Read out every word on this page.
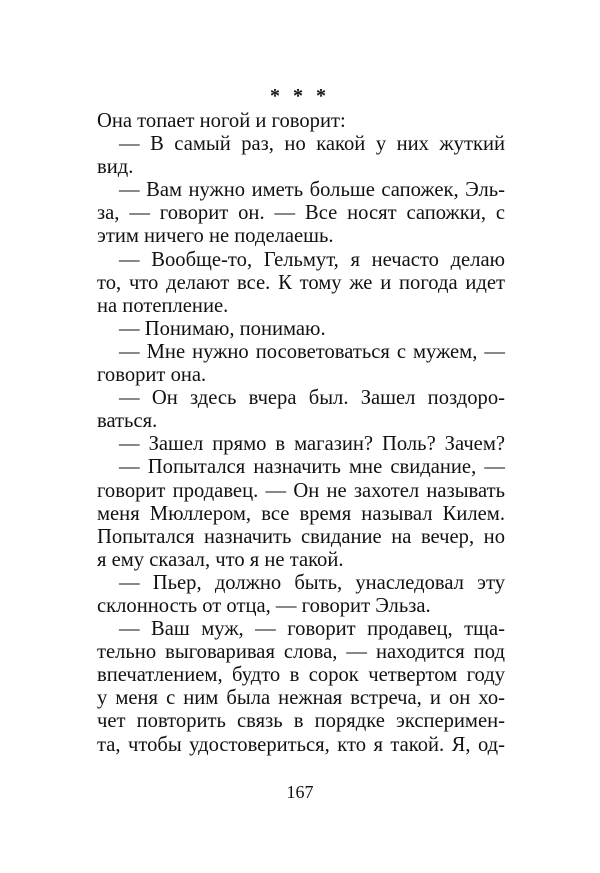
* * *
Она топает ногой и говорит:
— В самый раз, но какой у них жуткий
вид.
— Вам нужно иметь больше сапожек, Эль-
за, — говорит он. — Все носят сапожки, с
этим ничего не поделаешь.
— Вообще-то, Гельмут, я нечасто делаю
то, что делают все. К тому же и погода идет
на потепление.
— Понимаю, понимаю.
— Мне нужно посоветоваться с мужем, —
говорит она.
— Он здесь вчера был. Зашел поздоро-
ваться.
— Зашел прямо в магазин? Поль? Зачем?
— Попытался назначить мне свидание, —
говорит продавец. — Он не захотел называть
меня Мюллером, все время называл Килем.
Попытался назначить свидание на вечер, но
я ему сказал, что я не такой.
— Пьер, должно быть, унаследовал эту
склонность от отца, — говорит Эльза.
— Ваш муж, — говорит продавец, тща-
тельно выговаривая слова, — находится под
впечатлением, будто в сорок четвертом году
у меня с ним была нежная встреча, и он хо-
чет повторить связь в порядке эксперимен-
та, чтобы удостовериться, кто я такой. Я, од-
167
